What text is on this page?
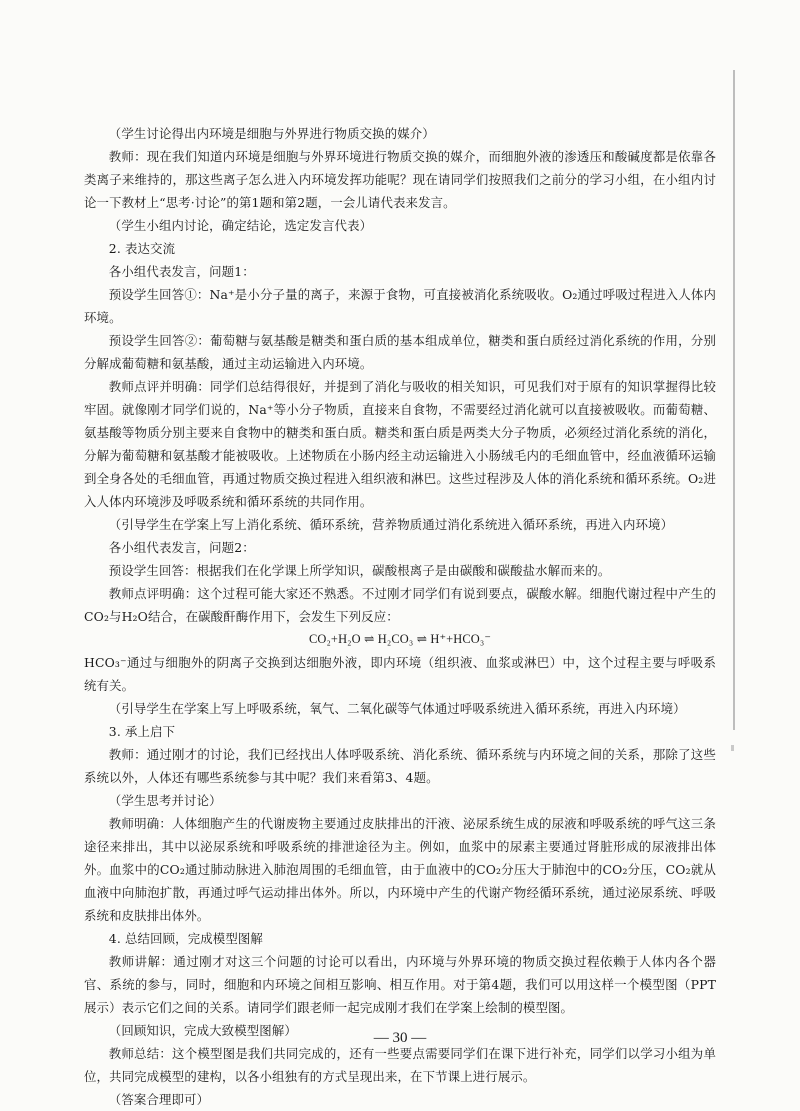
（学生讨论得出内环境是细胞与外界进行物质交换的媒介）

教师：现在我们知道内环境是细胞与外界环境进行物质交换的媒介，而细胞外液的渗透压和酸碱度都是依靠各类离子来维持的，那这些离子怎么进入内环境发挥功能呢？现在请同学们按照我们之前分的学习小组，在小组内讨论一下教材上“思考·讨论”的第1题和第2题，一会儿请代表来发言。

（学生小组内讨论，确定结论，选定发言代表）

2. 表达交流

各小组代表发言，问题1：

预设学生回答①：Na⁺是小分子量的离子，来源于食物，可直接被消化系统吸收。O₂通过呼吸过程进入人体内环境。

预设学生回答②：葡萄糖与氨基酸是糖类和蛋白质的基本组成单位，糖类和蛋白质经过消化系统的作用，分别分解成葡萄糖和氨基酸，通过主动运输进入内环境。

教师点评并明确：同学们总结得很好，并提到了消化与吸收的相关知识，可见我们对于原有的知识掌握得比较牢固。就像刚才同学们说的，Na⁺等小分子物质，直接来自食物，不需要经过消化就可以直接被吸收。而葡萄糖、氨基酸等物质分别主要来自食物中的糖类和蛋白质。糖类和蛋白质是两类大分子物质，必须经过消化系统的消化，分解为葡萄糖和氨基酸才能被吸收。上述物质在小肠内经主动运输进入小肠绒毛内的毛细血管中，经血液循环运输到全身各处的毛细血管，再通过物质交换过程进入组织液和淋巴。这些过程涉及人体的消化系统和循环系统。O₂进入人体内环境涉及呼吸系统和循环系统的共同作用。

（引导学生在学案上写上消化系统、循环系统，营养物质通过消化系统进入循环系统，再进入内环境）

各小组代表发言，问题2：

预设学生回答：根据我们在化学课上所学知识，碳酸根离子是由碳酸和碳酸盐水解而来的。

教师点评明确：这个过程可能大家还不熟悉。不过刚才同学们有说到要点，碳酸水解。细胞代谢过程中产生的CO₂与H₂O结合，在碳酸酐酶作用下，会发生下列反应：

CO₂+H₂O ⇌ H₂CO₃ ⇌ H⁺+HCO₃⁻

HCO₃⁻通过与细胞外的阴离子交换到达细胞外液，即内环境（组织液、血浆或淋巴）中，这个过程主要与呼吸系统有关。

（引导学生在学案上写上呼吸系统，氧气、二氧化碳等气体通过呼吸系统进入循环系统，再进入内环境）

3. 承上启下

教师：通过刚才的讨论，我们已经找出人体呼吸系统、消化系统、循环系统与内环境之间的关系，那除了这些系统以外，人体还有哪些系统参与其中呢？我们来看第3、4题。

（学生思考并讨论）

教师明确：人体细胞产生的代谢废物主要通过皮肤排出的汗液、泌尿系统生成的尿液和呼吸系统的呼气这三条途径来排出，其中以泌尿系统和呼吸系统的排泄途径为主。例如，血浆中的尿素主要通过肾脏形成的尿液排出体外。血浆中的CO₂通过肺动脉进入肺泡周围的毛细血管，由于血液中的CO₂分压大于肺泡中的CO₂分压，CO₂就从血液中向肺泡扩散，再通过呼气运动排出体外。所以，内环境中产生的代谢产物经循环系统，通过泌尿系统、呼吸系统和皮肤排出体外。

4. 总结回顾，完成模型图解

教师讲解：通过刚才对这三个问题的讨论可以看出，内环境与外界环境的物质交换过程依赖于人体内各个器官、系统的参与，同时，细胞和内环境之间相互影响、相互作用。对于第4题，我们可以用这样一个模型图（PPT展示）表示它们之间的关系。请同学们跟老师一起完成刚才我们在学案上绘制的模型图。

（回顾知识，完成大致模型图解）

教师总结：这个模型图是我们共同完成的，还有一些要点需要同学们在课下进行补充，同学们以学习小组为单位，共同完成模型的建构，以各小组独有的方式呈现出来，在下节课上进行展示。

（答案合理即可）

— 30 —
